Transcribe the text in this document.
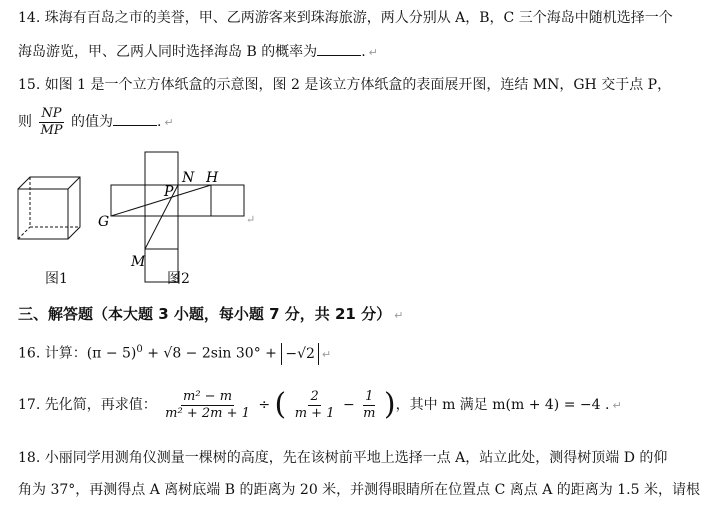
14. 珠海有百岛之市的美誉，甲、乙两游客来到珠海旅游，两人分别从 A，B，C 三个海岛中随机选择一个
海岛游览，甲、乙两人同时选择海岛 B 的概率为	. ↵
15. 如图 1 是一个立方体纸盒的示意图，图 2 是该立方体纸盒的表面展开图，连结 MN，GH 交于点 P，
则 $\frac{NP}{MP}$ 的值为	. ↵
N H
P
G
M
↵
图1	图2
三、解答题（本大题 3 小题，每小题 7 分，共 21 分） ↵
16. 计算：$(\pi - 5)^0 + √8 - 2\sin$ 30° + −√2 ↵
17. 先化简，再求值： $\frac{\text{m² − m}}{\text{m² + 2m + 1}}$ ÷ ( $\frac{2}{m + 1} - \frac{1}{m}$ )，其中 m 满足 m(m + 4) = −4 . ↵
18. 小丽同学用测角仪测量一棵树的高度，先在该树前平地上选择一点 A，站立此处，测得树顶端 D 的仰
角为 37°，再测得点 A 离树底端 B 的距离为 20 米，并测得眼睛所在位置点 C 离点 A 的距离为 1.5 米，请根
